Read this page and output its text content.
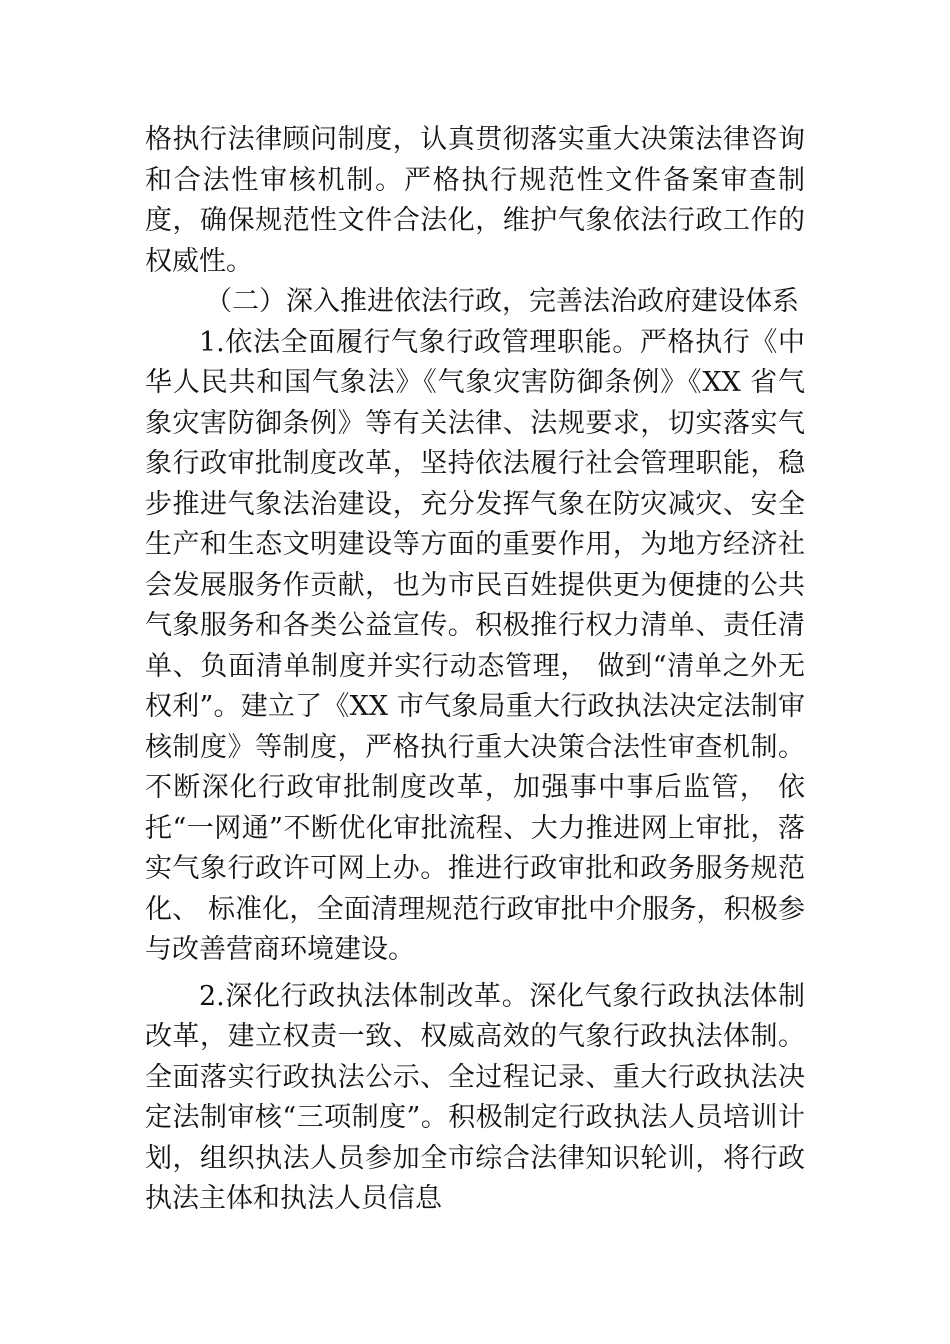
格执行法律顾问制度，认真贯彻落实重大决策法律咨询和合法性审核机制。严格执行规范性文件备案审查制度，确保规范性文件合法化，维护气象依法行政工作的权威性。

（二）深入推进依法行政，完善法治政府建设体系

1.依法全面履行气象行政管理职能。严格执行《中华人民共和国气象法》《气象灾害防御条例》《XX 省气象灾害防御条例》等有关法律、法规要求，切实落实气象行政审批制度改革，坚持依法履行社会管理职能，稳步推进气象法治建设，充分发挥气象在防灾减灾、安全生产和生态文明建设等方面的重要作用，为地方经济社会发展服务作贡献，也为市民百姓提供更为便捷的公共气象服务和各类公益宣传。积极推行权力清单、责任清单、负面清单制度并实行动态管理， 做到“清单之外无权利”。建立了《XX 市气象局重大行政执法决定法制审核制度》等制度，严格执行重大决策合法性审查机制。不断深化行政审批制度改革，加强事中事后监管， 依托“一网通”不断优化审批流程、大力推进网上审批，落实气象行政许可网上办。推进行政审批和政务服务规范化、 标准化，全面清理规范行政审批中介服务，积极参与改善营商环境建设。

2.深化行政执法体制改革。深化气象行政执法体制改革，建立权责一致、权威高效的气象行政执法体制。全面落实行政执法公示、全过程记录、重大行政执法决定法制审核“三项制度”。积极制定行政执法人员培训计划，组织执法人员参加全市综合法律知识轮训，将行政执法主体和执法人员信息
